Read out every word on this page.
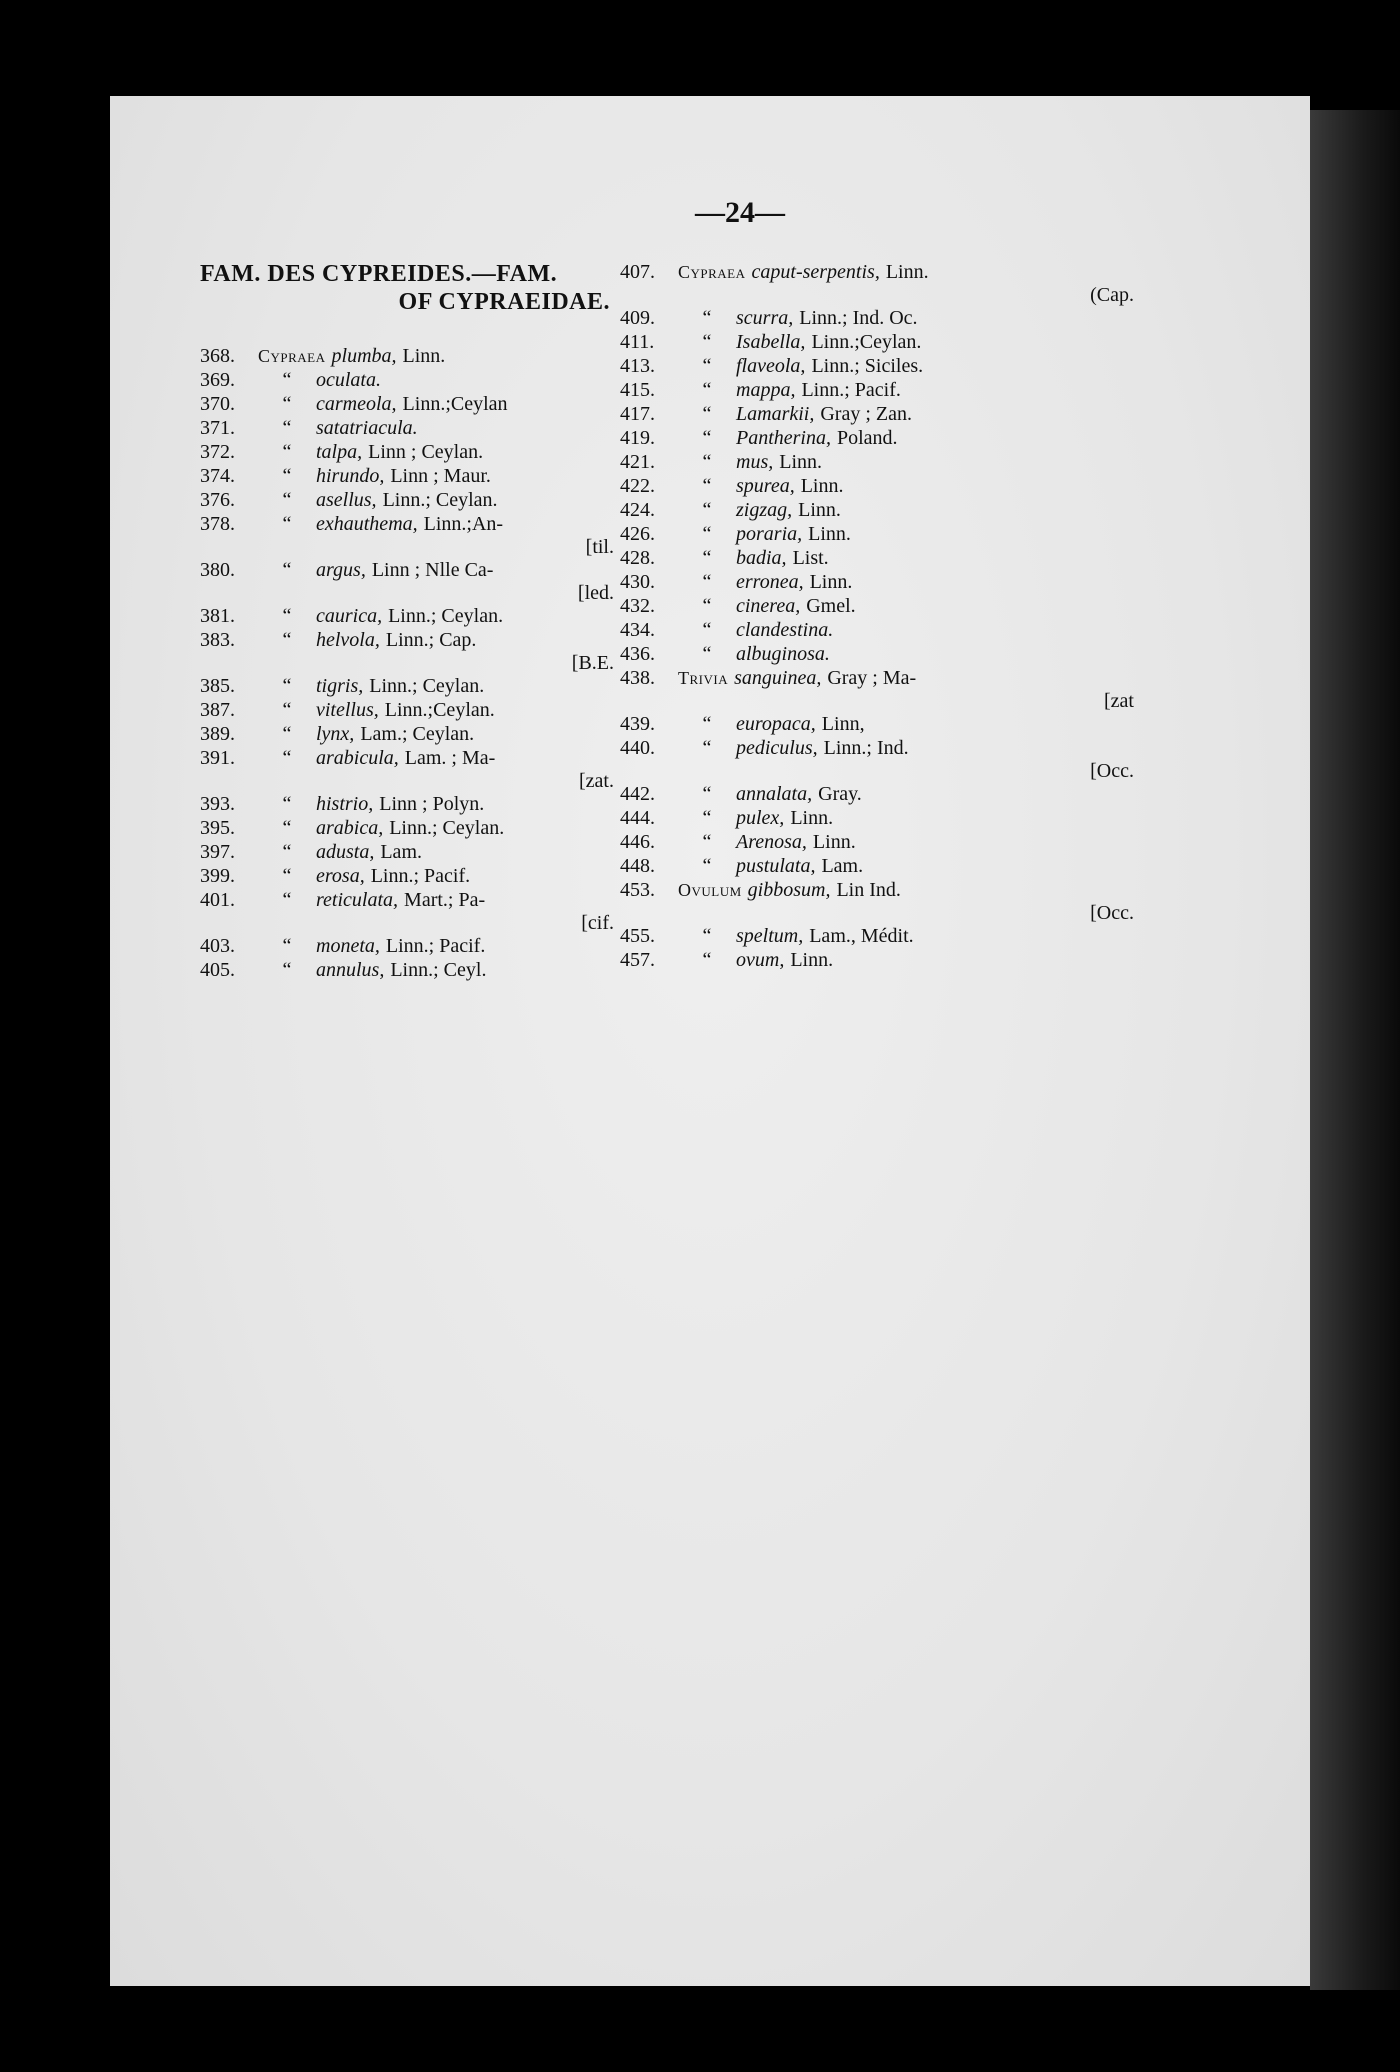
—24—
FAM. DES CYPREIDES.—FAM.
OF CYPRAEIDAE.
368.	Cypraea plumba, Linn.
369.	“	oculata.
370.	“	carmeola, Linn.;Ceylan
371.	“	satatriacula.
372.	“	talpa, Linn ; Ceylan.
374.	“	hirundo, Linn ; Maur.
376.	“	asellus, Linn.; Ceylan.
378.	“	exhauthema, Linn.;An-
[til.
380.	“	argus, Linn ; Nlle Ca-
[led.
381.	“	caurica, Linn.; Ceylan.
383.	“	helvola, Linn.; Cap.
[B.E.
385.	“	tigris, Linn.; Ceylan.
387.	“	vitellus, Linn.;Ceylan.
389.	“	lynx, Lam.; Ceylan.
391.	“	arabicula, Lam. ; Ma-
[zat.
393.	“	histrio, Linn ; Polyn.
395.	“	arabica, Linn.; Ceylan.
397.	“	adusta, Lam.
399.	“	erosa, Linn.; Pacif.
401.	“	reticulata, Mart.; Pa-
[cif.
403.	“	moneta, Linn.; Pacif.
405.	“	annulus, Linn.; Ceyl.
407.	Cypraea caput-serpentis, Linn.
(Cap.
409.	“	scurra, Linn.; Ind. Oc.
411.	“	Isabella, Linn.;Ceylan.
413.	“	flaveola, Linn.; Siciles.
415.	“	mappa, Linn.; Pacif.
417.	“	Lamarkii, Gray ; Zan.
419.	“	Pantherina, Poland.
421.	“	mus, Linn.
422.	“	spurea, Linn.
424.	“	zigzag, Linn.
426.	“	poraria, Linn.
428.	“	badia, List.
430.	“	erronea, Linn.
432.	“	cinerea, Gmel.
434.	“	clandestina.
436.	“	albuginosa.
438.	Trivia sanguinea, Gray ; Ma-
[zat
439.	“	europaca, Linn,
440.	“	pediculus, Linn.; Ind.
[Occ.
442.	“	annalata, Gray.
444.	“	pulex, Linn.
446.	“	Arenosa, Linn.
448.	“	pustulata, Lam.
453.	Ovulum gibbosum, Lin Ind.
[Occ.
455.	“	speltum, Lam., Médit.
457.	“	ovum, Linn.
